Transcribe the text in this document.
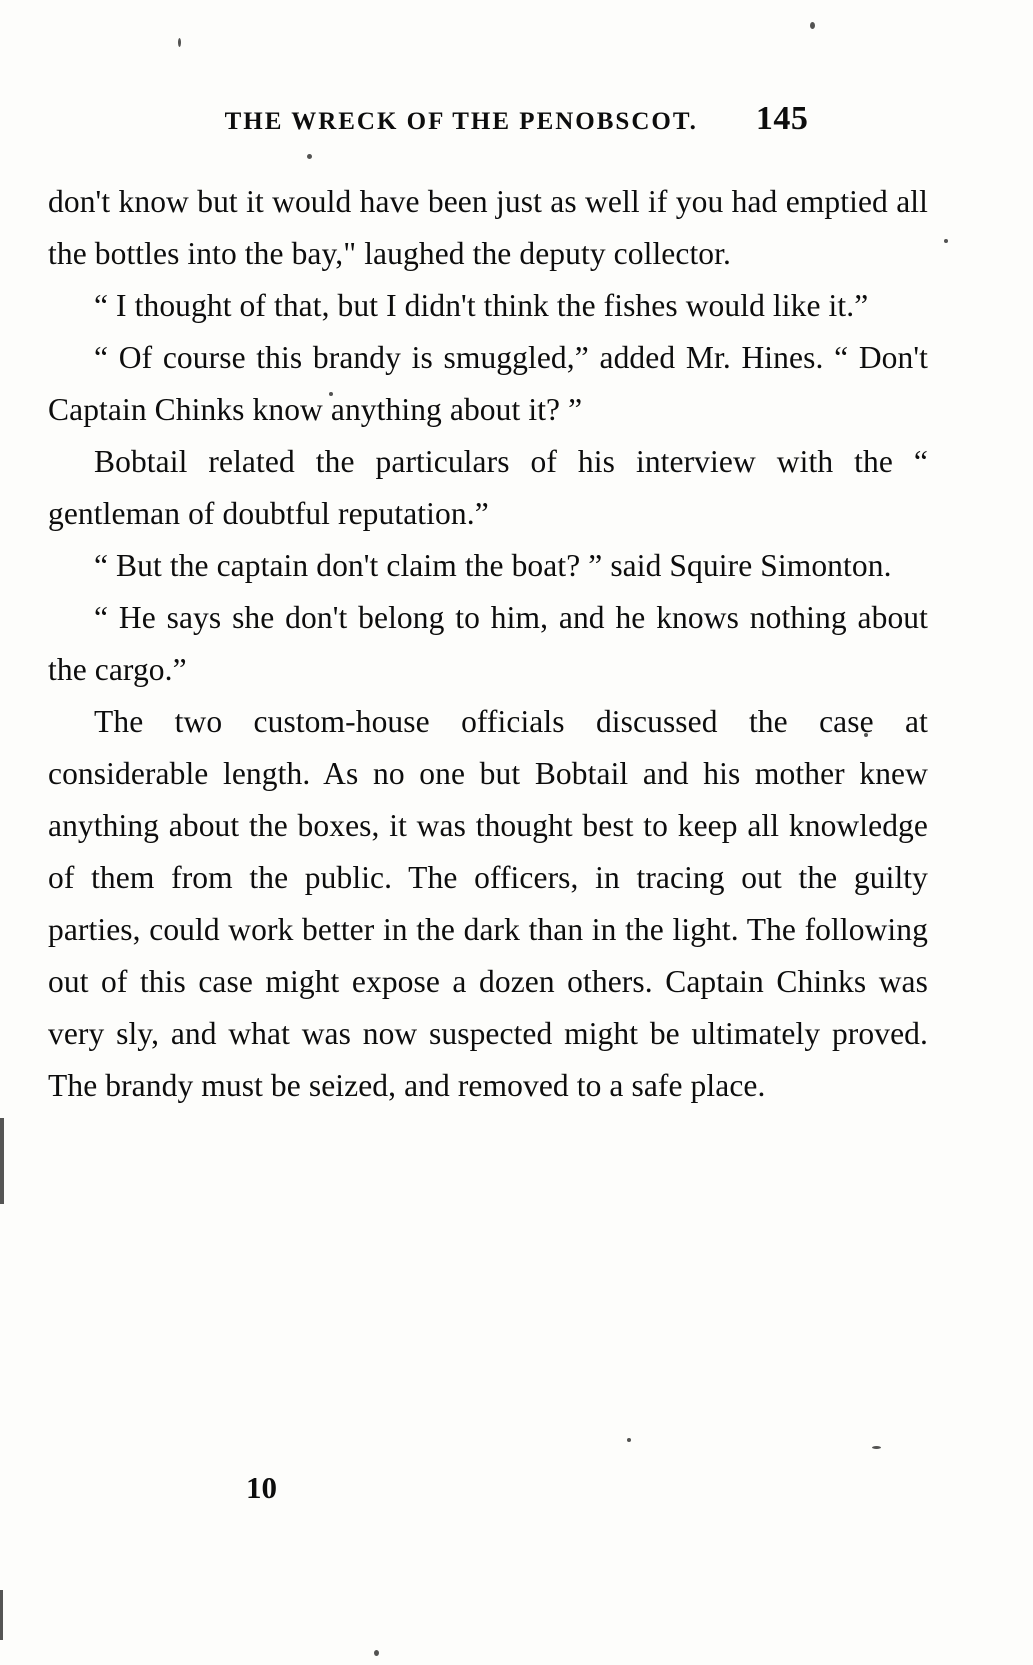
THE WRECK OF THE PENOBSCOT. 145

don't know but it would have been just as well if you had emptied all the bottles into the bay," laughed the deputy collector.

“ I thought of that, but I didn't think the fishes would like it.”

“ Of course this brandy is smuggled,” added Mr. Hines. “ Don't Captain Chinks know anything about it? ”

Bobtail related the particulars of his interview with the “ gentleman of doubtful reputation.”

“ But the captain don't claim the boat? ” said Squire Simonton.

“ He says she don't belong to him, and he knows nothing about the cargo.”

The two custom-house officials discussed the case at considerable length. As no one but Bobtail and his mother knew anything about the boxes, it was thought best to keep all knowledge of them from the public. The officers, in tracing out the guilty parties, could work better in the dark than in the light. The following out of this case might expose a dozen others. Captain Chinks was very sly, and what was now suspected might be ultimately proved. The brandy must be seized, and removed to a safe place.

10
